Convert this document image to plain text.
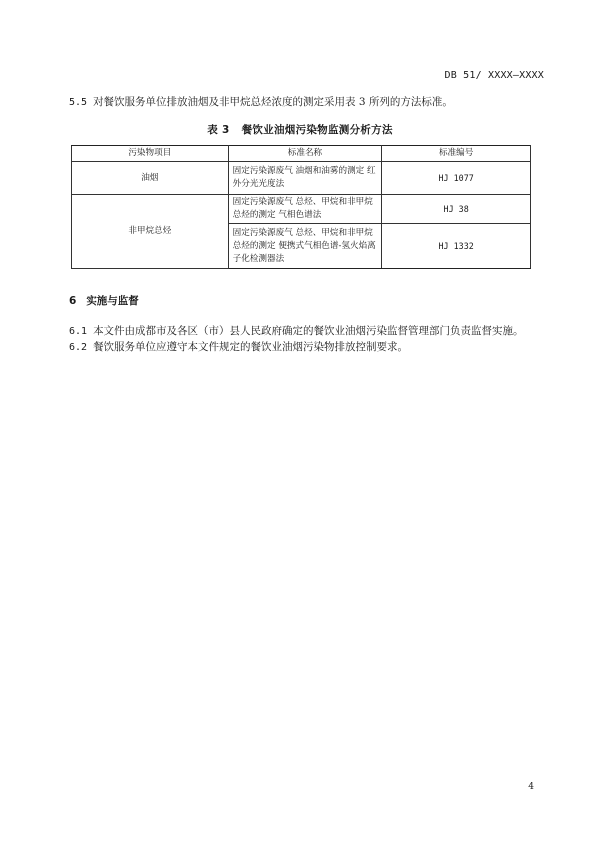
DB 51/ XXXX—XXXX
5.5 对餐饮服务单位排放油烟及非甲烷总烃浓度的测定采用表 3 所列的方法标准。
表 3 餐饮业油烟污染物监测分析方法
污染物项目	标准名称	标准编号
油烟	固定污染源废气 油烟和油雾的测定 红外分光光度法	HJ 1077
非甲烷总烃	固定污染源废气 总烃、甲烷和非甲烷总烃的测定 气相色谱法	HJ 38
	固定污染源废气 总烃、甲烷和非甲烷总烃的测定 便携式气相色谱-氢火焰离子化检测器法	HJ 1332
6 实施与监督
6.1 本文件由成都市及各区（市）县人民政府确定的餐饮业油烟污染监督管理部门负责监督实施。
6.2 餐饮服务单位应遵守本文件规定的餐饮业油烟污染物排放控制要求。
4
